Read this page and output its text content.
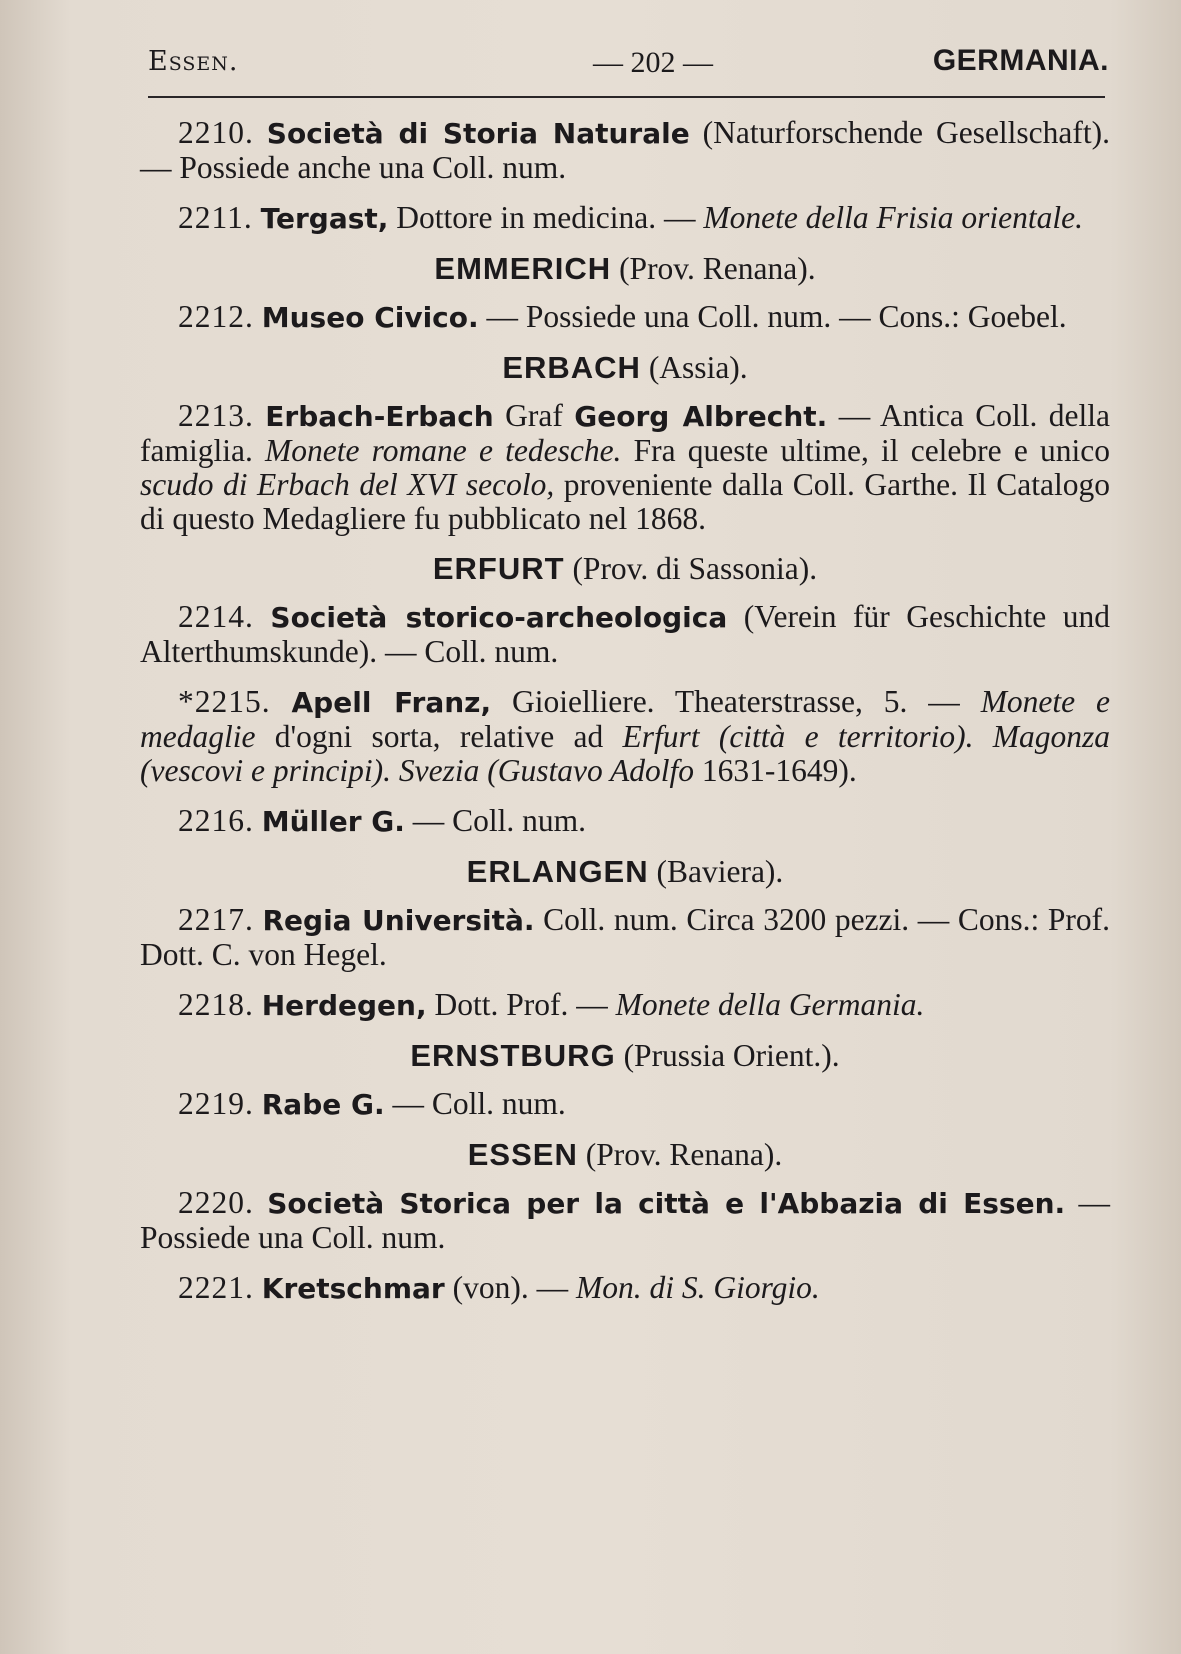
Essen.	— 202 —	GERMANIA.

2210. Società di Storia Naturale (Naturforschende Gesellschaft). — Possiede anche una Coll. num.

2211. Tergast, Dottore in medicina. — Monete della Frisia orientale.

EMMERICH (Prov. Renana).

2212. Museo Civico. — Possiede una Coll. num. — Cons.: Goebel.

ERBACH (Assia).

2213. Erbach-Erbach Graf Georg Albrecht. — Antica Coll. della famiglia. Monete romane e tedesche. Fra queste ultime, il celebre e unico scudo di Erbach del XVI secolo, proveniente dalla Coll. Garthe. Il Catalogo di questo Medagliere fu pubblicato nel 1868.

ERFURT (Prov. di Sassonia).

2214. Società storico-archeologica (Verein für Geschichte und Alterthumskunde). — Coll. num.

*2215. Apell Franz, Gioielliere. Theaterstrasse, 5. — Monete e medaglie d'ogni sorta, relative ad Erfurt (città e territorio). Magonza (vescovi e principi). Svezia (Gustavo Adolfo 1631-1649).

2216. Müller G. — Coll. num.

ERLANGEN (Baviera).

2217. Regia Università. Coll. num. Circa 3200 pezzi. — Cons.: Prof. Dott. C. von Hegel.

2218. Herdegen, Dott. Prof. — Monete della Germania.

ERNSTBURG (Prussia Orient.).

2219. Rabe G. — Coll. num.

ESSEN (Prov. Renana).

2220. Società Storica per la città e l'Abbazia di Essen. — Possiede una Coll. num.

2221. Kretschmar (von). — Mon. di S. Giorgio.
